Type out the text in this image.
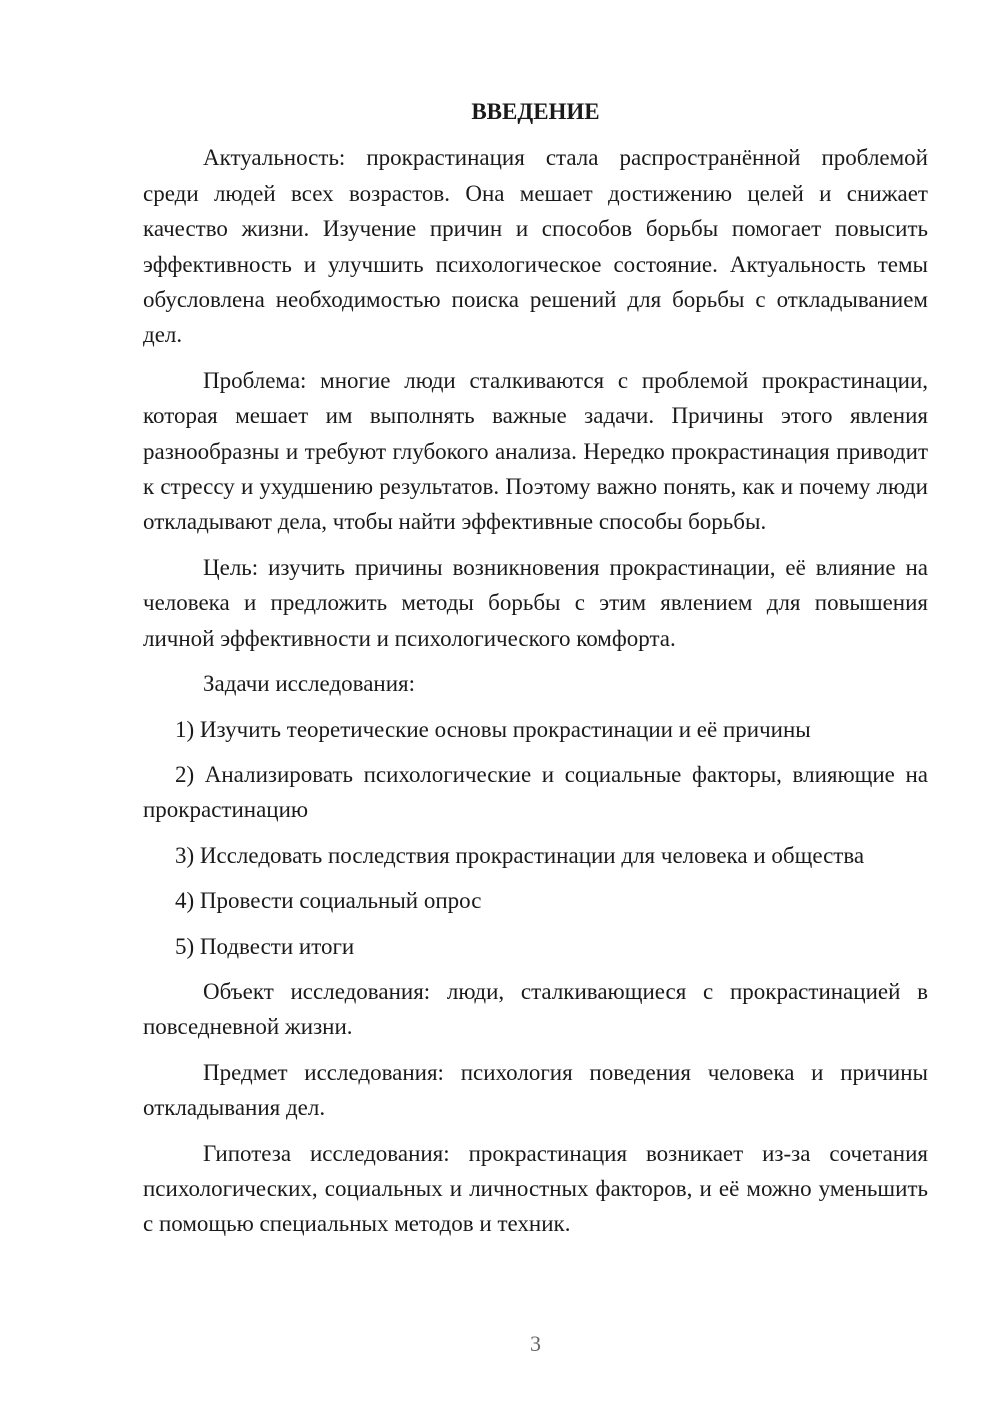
ВВЕДЕНИЕ

Актуальность: прокрастинация стала распространённой проблемой среди людей всех возрастов. Она мешает достижению целей и снижает качество жизни. Изучение причин и способов борьбы помогает повысить эффективность и улучшить психологическое состояние. Актуальность темы обусловлена необходимостью поиска решений для борьбы с откладыванием дел.

Проблема: многие люди сталкиваются с проблемой прокрастинации, которая мешает им выполнять важные задачи. Причины этого явления разнообразны и требуют глубокого анализа. Нередко прокрастинация приводит к стрессу и ухудшению результатов. Поэтому важно понять, как и почему люди откладывают дела, чтобы найти эффективные способы борьбы.

Цель: изучить причины возникновения прокрастинации, её влияние на человека и предложить методы борьбы с этим явлением для повышения личной эффективности и психологического комфорта.

Задачи исследования:

1) Изучить теоретические основы прокрастинации и её причины

2) Анализировать психологические и социальные факторы, влияющие на прокрастинацию

3) Исследовать последствия прокрастинации для человека и общества

4) Провести социальный опрос

5) Подвести итоги

Объект исследования: люди, сталкивающиеся с прокрастинацией в повседневной жизни.

Предмет исследования: психология поведения человека и причины откладывания дел.

Гипотеза исследования: прокрастинация возникает из-за сочетания психологических, социальных и личностных факторов, и её можно уменьшить с помощью специальных методов и техник.

3
